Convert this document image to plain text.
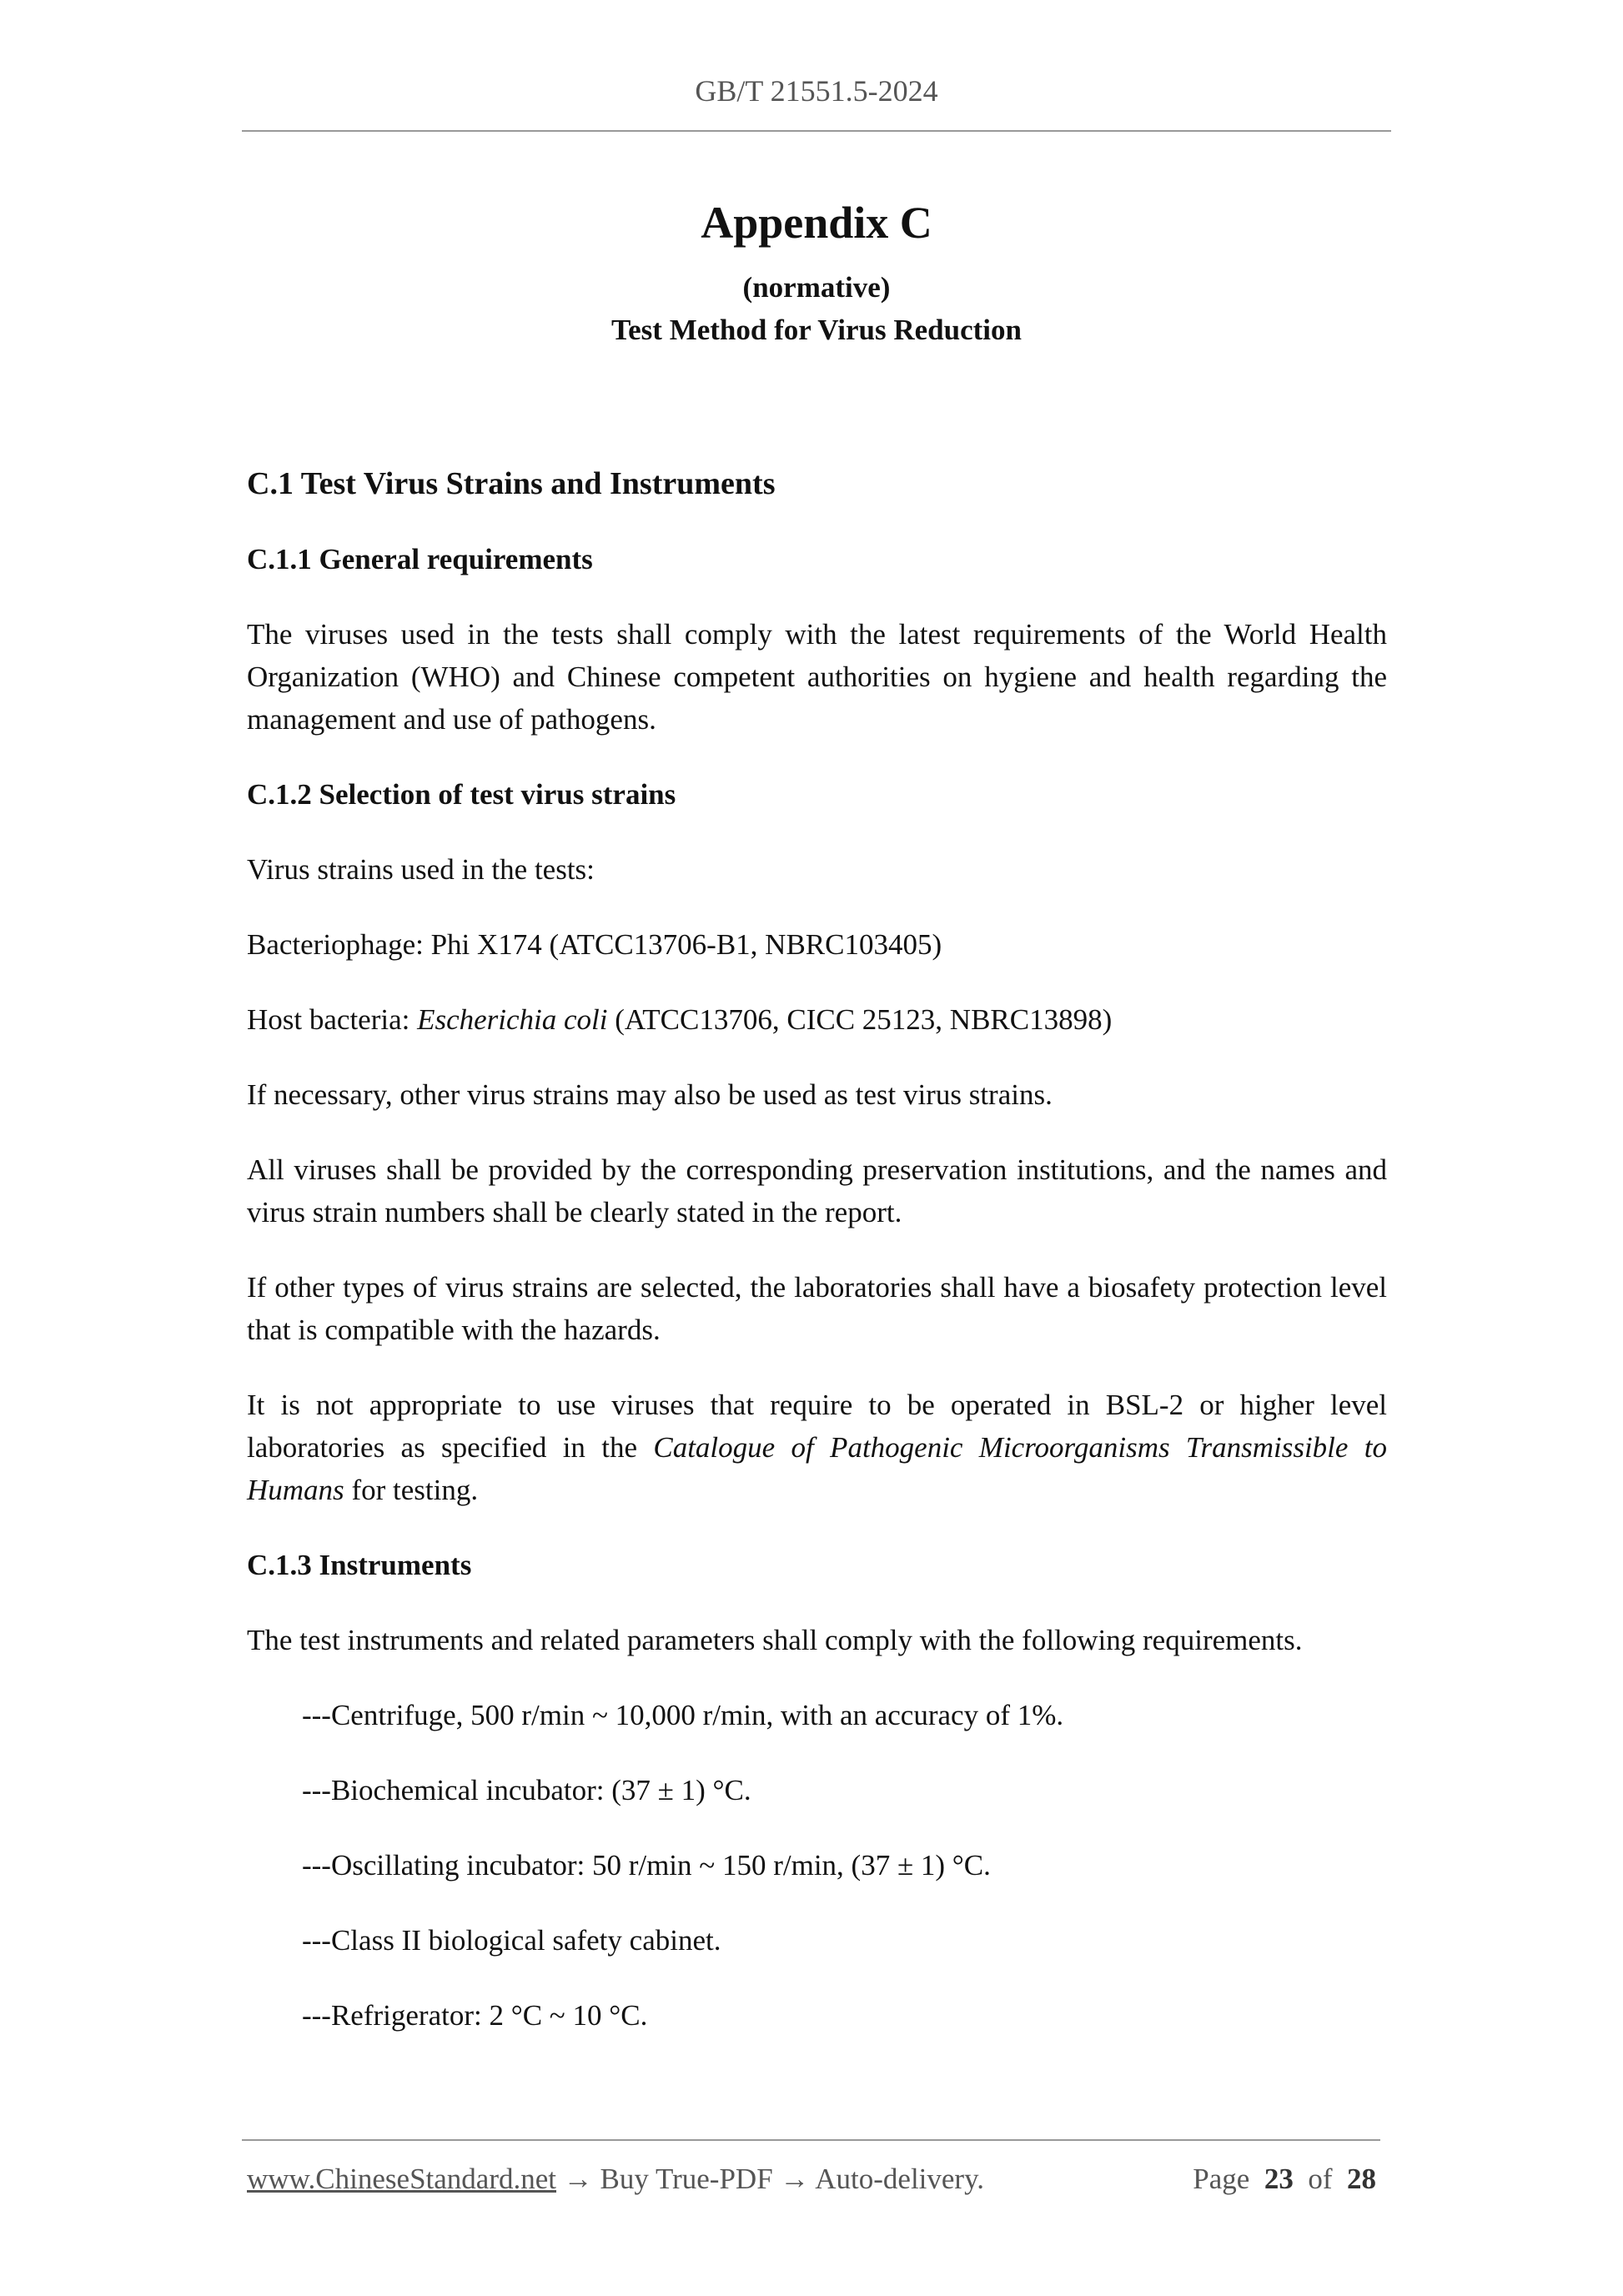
GB/T 21551.5-2024
Appendix C
(normative)
Test Method for Virus Reduction
C.1 Test Virus Strains and Instruments
C.1.1 General requirements
The viruses used in the tests shall comply with the latest requirements of the World Health Organization (WHO) and Chinese competent authorities on hygiene and health regarding the management and use of pathogens.
C.1.2 Selection of test virus strains
Virus strains used in the tests:
Bacteriophage: Phi X174 (ATCC13706-B1, NBRC103405)
Host bacteria: Escherichia coli (ATCC13706, CICC 25123, NBRC13898)
If necessary, other virus strains may also be used as test virus strains.
All viruses shall be provided by the corresponding preservation institutions, and the names and virus strain numbers shall be clearly stated in the report.
If other types of virus strains are selected, the laboratories shall have a biosafety protection level that is compatible with the hazards.
It is not appropriate to use viruses that require to be operated in BSL-2 or higher level laboratories as specified in the Catalogue of Pathogenic Microorganisms Transmissible to Humans for testing.
C.1.3 Instruments
The test instruments and related parameters shall comply with the following requirements.
---Centrifuge, 500 r/min ~ 10,000 r/min, with an accuracy of 1%.
---Biochemical incubator: (37 ± 1) °C.
---Oscillating incubator: 50 r/min ~ 150 r/min, (37 ± 1) °C.
---Class II biological safety cabinet.
---Refrigerator: 2 °C ~ 10 °C.
www.ChineseStandard.net → Buy True-PDF → Auto-delivery.	Page 23 of 28
